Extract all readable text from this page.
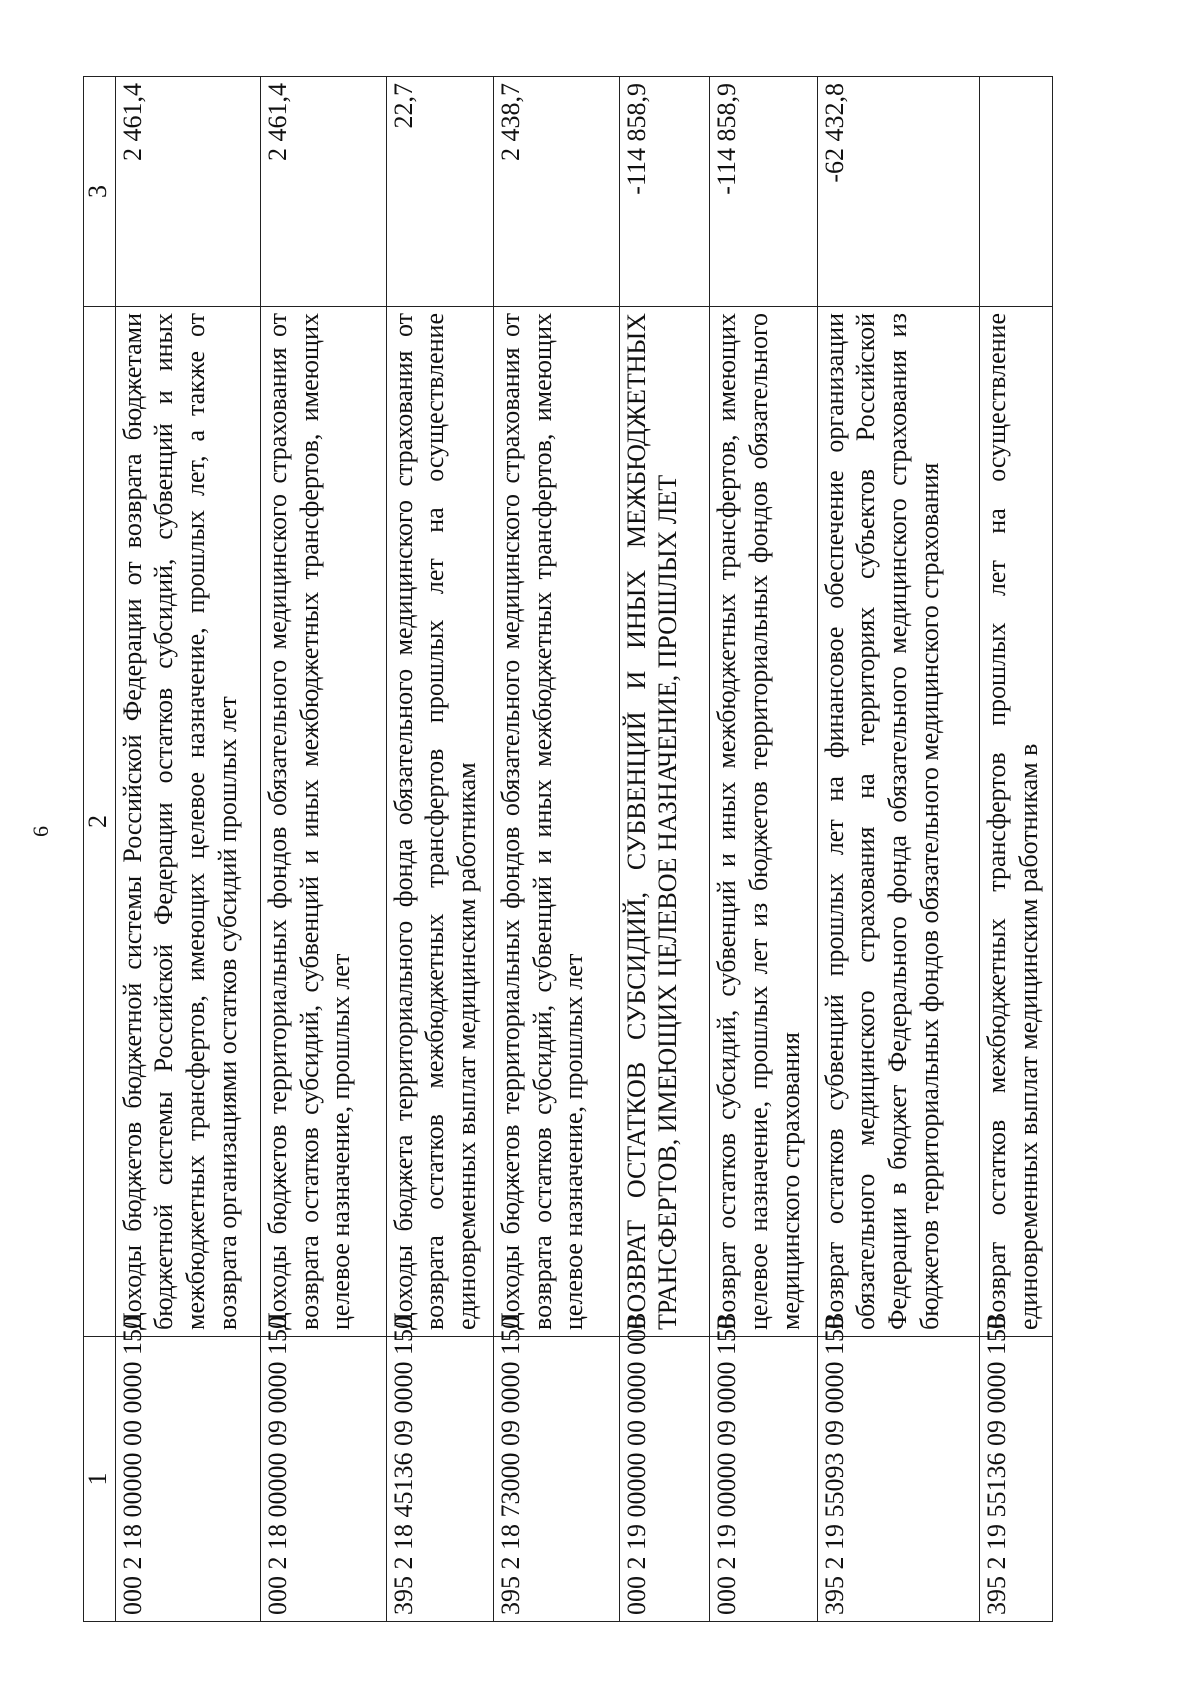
6
1	2	3
000 2 18 00000 00 0000 150	Доходы бюджетов бюджетной системы Российской Федерации от возврата бюджетами бюджетной системы Российской Федерации остатков субсидий, субвенций и иных межбюджетных трансфертов, имеющих целевое назначение, прошлых лет, а также от возврата организациями остатков субсидий прошлых лет	2 461,4
000 2 18 00000 09 0000 150	Доходы бюджетов территориальных фондов обязательного медицинского страхования от возврата остатков субсидий, субвенций и иных межбюджетных трансфертов, имеющих целевое назначение, прошлых лет	2 461,4
395 2 18 45136 09 0000 150	Доходы бюджета территориального фонда обязательного медицинского страхования от возврата остатков межбюджетных трансфертов прошлых лет на осуществление единовременных выплат медицинским работникам	22,7
395 2 18 73000 09 0000 150	Доходы бюджетов территориальных фондов обязательного медицинского страхования от возврата остатков субсидий, субвенций и иных межбюджетных трансфертов, имеющих целевое назначение, прошлых лет	2 438,7
000 2 19 00000 00 0000 000	ВОЗВРАТ ОСТАТКОВ СУБСИДИЙ, СУБВЕНЦИЙ И ИНЫХ МЕЖБЮДЖЕТНЫХ ТРАНСФЕРТОВ, ИМЕЮЩИХ ЦЕЛЕВОЕ НАЗНАЧЕНИЕ, ПРОШЛЫХ ЛЕТ	-114 858,9
000 2 19 00000 09 0000 150	Возврат остатков субсидий, субвенций и иных межбюджетных трансфертов, имеющих целевое назначение, прошлых лет из бюджетов территориальных фондов обязательного медицинского страхования	-114 858,9
395 2 19 55093 09 0000 150	Возврат остатков субвенций прошлых лет на финансовое обеспечение организации обязательного медицинского страхования на территориях субъектов Российской Федерации в бюджет Федерального фонда обязательного медицинского страхования из бюджетов территориальных фондов обязательного медицинского страхования	-62 432,8
395 2 19 55136 09 0000 150	Возврат остатков межбюджетных трансфертов прошлых лет на осуществление единовременных выплат медицинским работникам в	
